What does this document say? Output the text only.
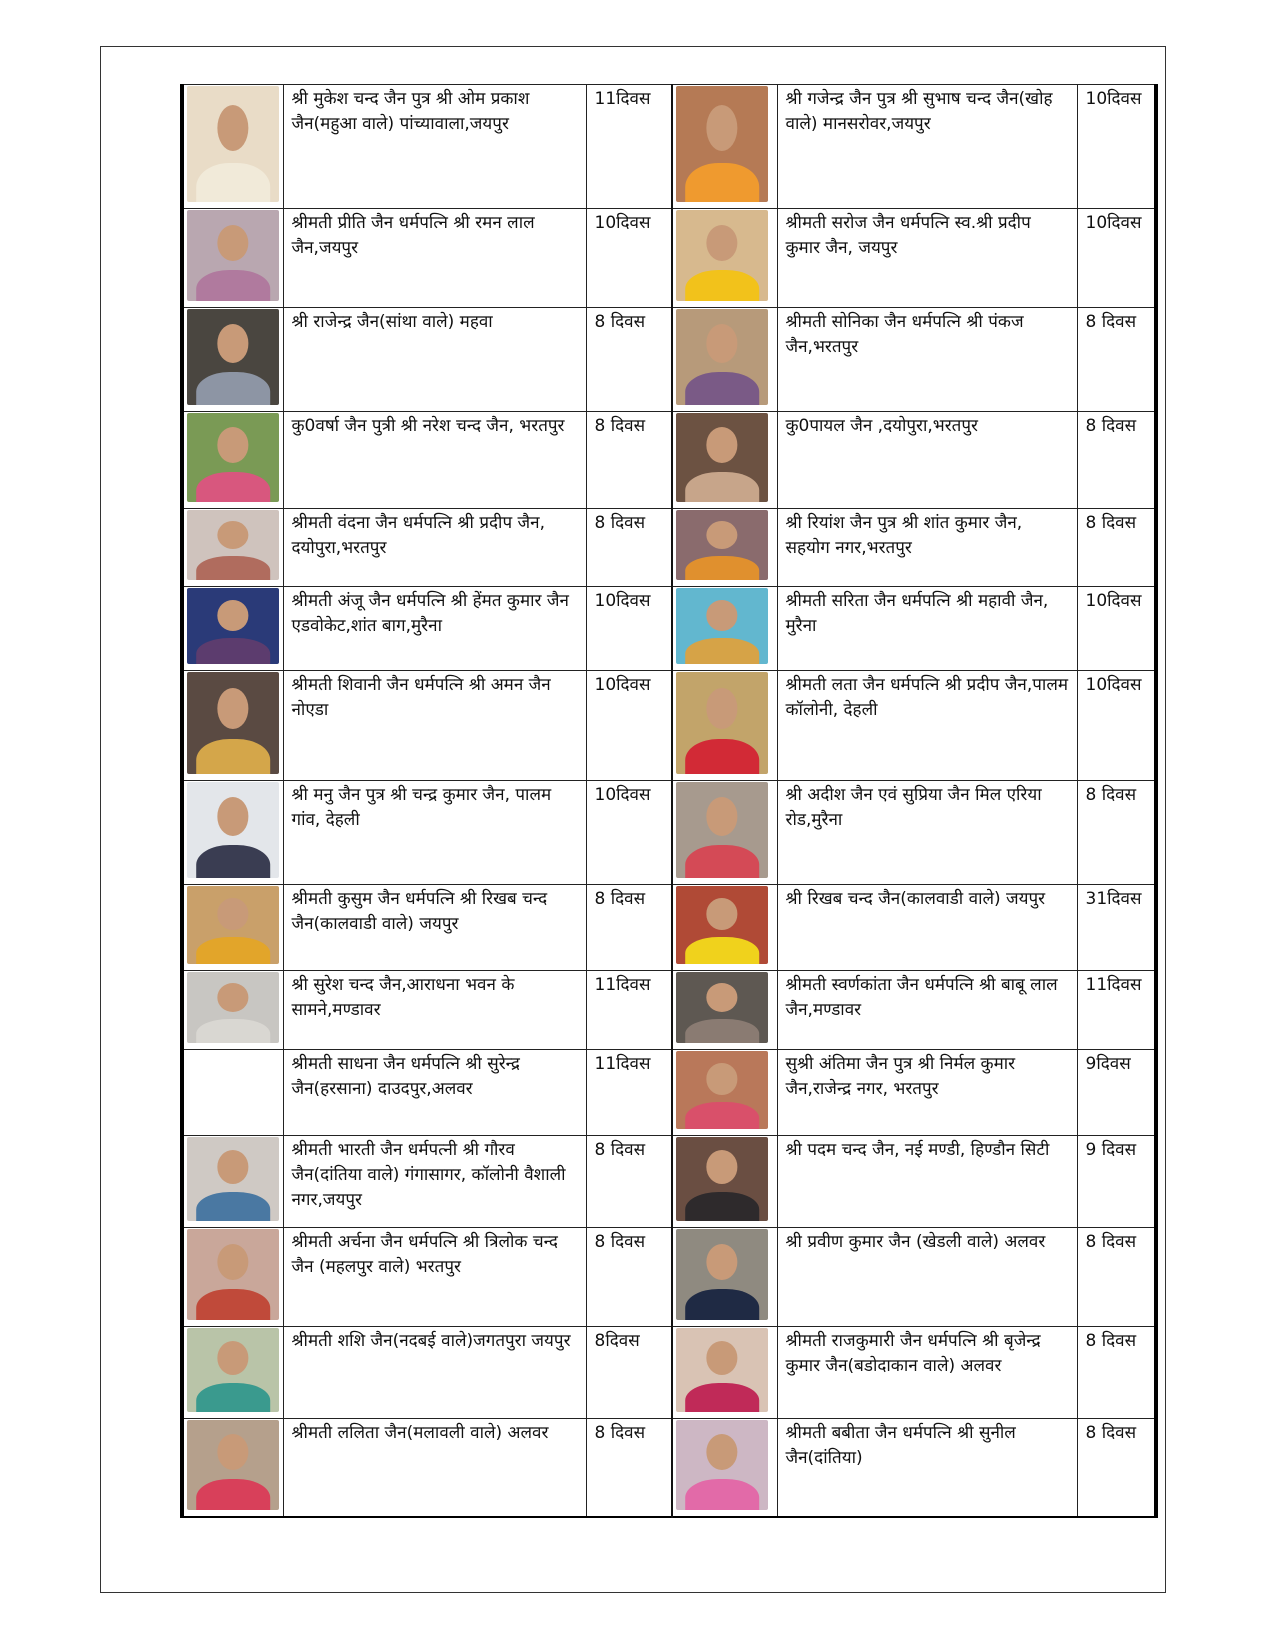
	श्री मुकेश चन्द जैन पुत्र श्री ओम प्रकाश जैन(महुआ वाले) पांच्यावाला,जयपुर	11दिवस		श्री गजेन्द्र जैन पुत्र श्री सुभाष चन्द जैन(खोह वाले) मानसरोवर,जयपुर	10दिवस

	श्रीमती प्रीति जैन धर्मपत्नि श्री रमन लाल जैन,जयपुर	10दिवस		श्रीमती सरोज जैन धर्मपत्नि स्व.श्री प्रदीप कुमार जैन, जयपुर	10दिवस

	श्री राजेन्द्र जैन(सांथा वाले) महवा	8 दिवस		श्रीमती सोनिका जैन धर्मपत्नि श्री पंकज जैन,भरतपुर	8 दिवस

	कु0वर्षा जैन पुत्री श्री नरेश चन्द जैन, भरतपुर	8 दिवस		कु0पायल जैन ,दयोपुरा,भरतपुर	8 दिवस

	श्रीमती वंदना जैन धर्मपत्नि श्री प्रदीप जैन, दयोपुरा,भरतपुर	8 दिवस		श्री रियांश जैन पुत्र श्री शांत कुमार जैन, सहयोग नगर,भरतपुर	8 दिवस

	श्रीमती अंजू जैन धर्मपत्नि श्री हेंमत कुमार जैन एडवोकेट,शांत बाग,मुरैना	10दिवस		श्रीमती सरिता जैन धर्मपत्नि श्री महावी जैन, मुरैना	10दिवस

	श्रीमती शिवानी जैन धर्मपत्नि श्री अमन जैन नोएडा	10दिवस		श्रीमती लता जैन धर्मपत्नि श्री प्रदीप जैन,पालम कॉलोनी, देहली	10दिवस

	श्री मनु जैन पुत्र श्री चन्द्र कुमार जैन, पालम गांव, देहली	10दिवस		श्री अदीश जैन एवं सुप्रिया जैन मिल एरिया रोड,मुरैना	8 दिवस

	श्रीमती कुसुम जैन धर्मपत्नि श्री रिखब चन्द जैन(कालवाडी वाले) जयपुर	8 दिवस		श्री रिखब चन्द जैन(कालवाडी वाले) जयपुर	31दिवस

	श्री सुरेश चन्द जैन,आराधना भवन के सामने,मण्डावर	11दिवस		श्रीमती स्वर्णकांता जैन धर्मपत्नि श्री बाबू लाल जैन,मण्डावर	11दिवस
	श्रीमती साधना जैन धर्मपत्नि श्री सुरेन्द्र जैन(हरसाना) दाउदपुर,अलवर	11दिवस		सुश्री अंतिमा जैन पुत्र श्री निर्मल कुमार जैन,राजेन्द्र नगर, भरतपुर	9दिवस

	श्रीमती भारती जैन धर्मपत्नी श्री गौरव जैन(दांतिया वाले) गंगासागर, कॉलोनी वैशाली नगर,जयपुर	8 दिवस		श्री पदम चन्द जैन, नई मण्डी, हिण्डौन सिटी	9 दिवस

	श्रीमती अर्चना जैन धर्मपत्नि श्री त्रिलोक चन्द जैन (महलपुर वाले) भरतपुर	8 दिवस		श्री प्रवीण कुमार जैन (खेडली वाले) अलवर	8 दिवस

	श्रीमती शशि जैन(नदबई वाले)जगतपुरा जयपुर	8दिवस		श्रीमती राजकुमारी जैन धर्मपत्नि श्री बृजेन्द्र कुमार जैन(बडोदाकान वाले) अलवर	8 दिवस

	श्रीमती ललिता जैन(मलावली वाले) अलवर	8 दिवस		श्रीमती बबीता जैन धर्मपत्नि श्री सुनील जैन(दांतिया)	8 दिवस
